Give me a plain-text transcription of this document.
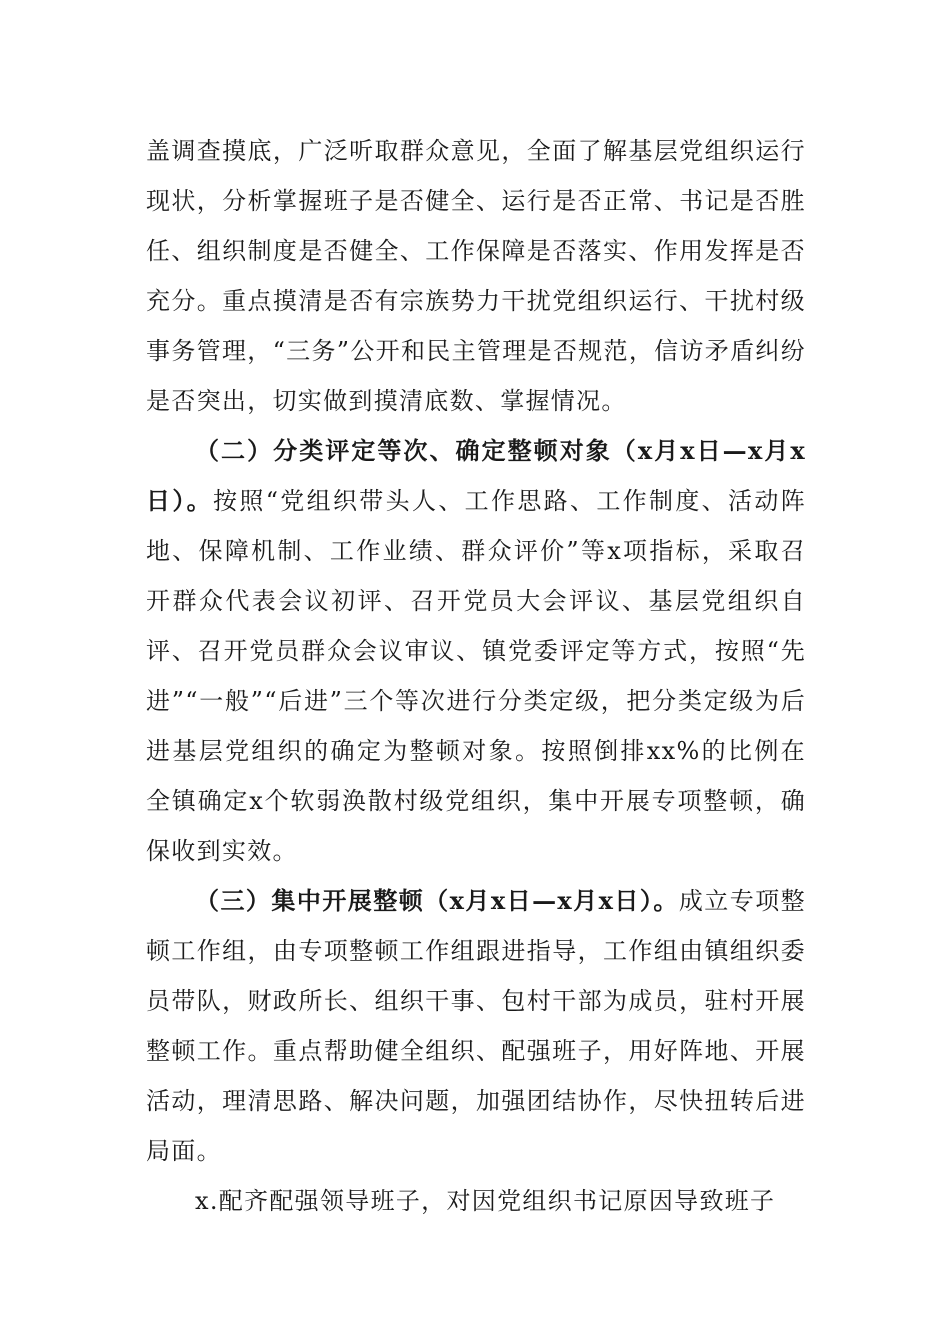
盖调查摸底，广泛听取群众意见，全面了解基层党组织运行现状，分析掌握班子是否健全、运行是否正常、书记是否胜任、组织制度是否健全、工作保障是否落实、作用发挥是否充分。重点摸清是否有宗族势力干扰党组织运行、干扰村级事务管理，“三务”公开和民主管理是否规范，信访矛盾纠纷是否突出，切实做到摸清底数、掌握情况。

（二）分类评定等次、确定整顿对象（x月x日—x月x日）。按照“党组织带头人、工作思路、工作制度、活动阵地、保障机制、工作业绩、群众评价”等x项指标，采取召开群众代表会议初评、召开党员大会评议、基层党组织自评、召开党员群众会议审议、镇党委评定等方式，按照“先进”“一般”“后进”三个等次进行分类定级，把分类定级为后进基层党组织的确定为整顿对象。按照倒排xx%的比例在全镇确定x个软弱涣散村级党组织，集中开展专项整顿，确保收到实效。

（三）集中开展整顿（x月x日—x月x日）。成立专项整顿工作组，由专项整顿工作组跟进指导，工作组由镇组织委员带队，财政所长、组织干事、包村干部为成员，驻村开展整顿工作。重点帮助健全组织、配强班子，用好阵地、开展活动，理清思路、解决问题，加强团结协作，尽快扭转后进局面。

x.配齐配强领导班子，对因党组织书记原因导致班子
